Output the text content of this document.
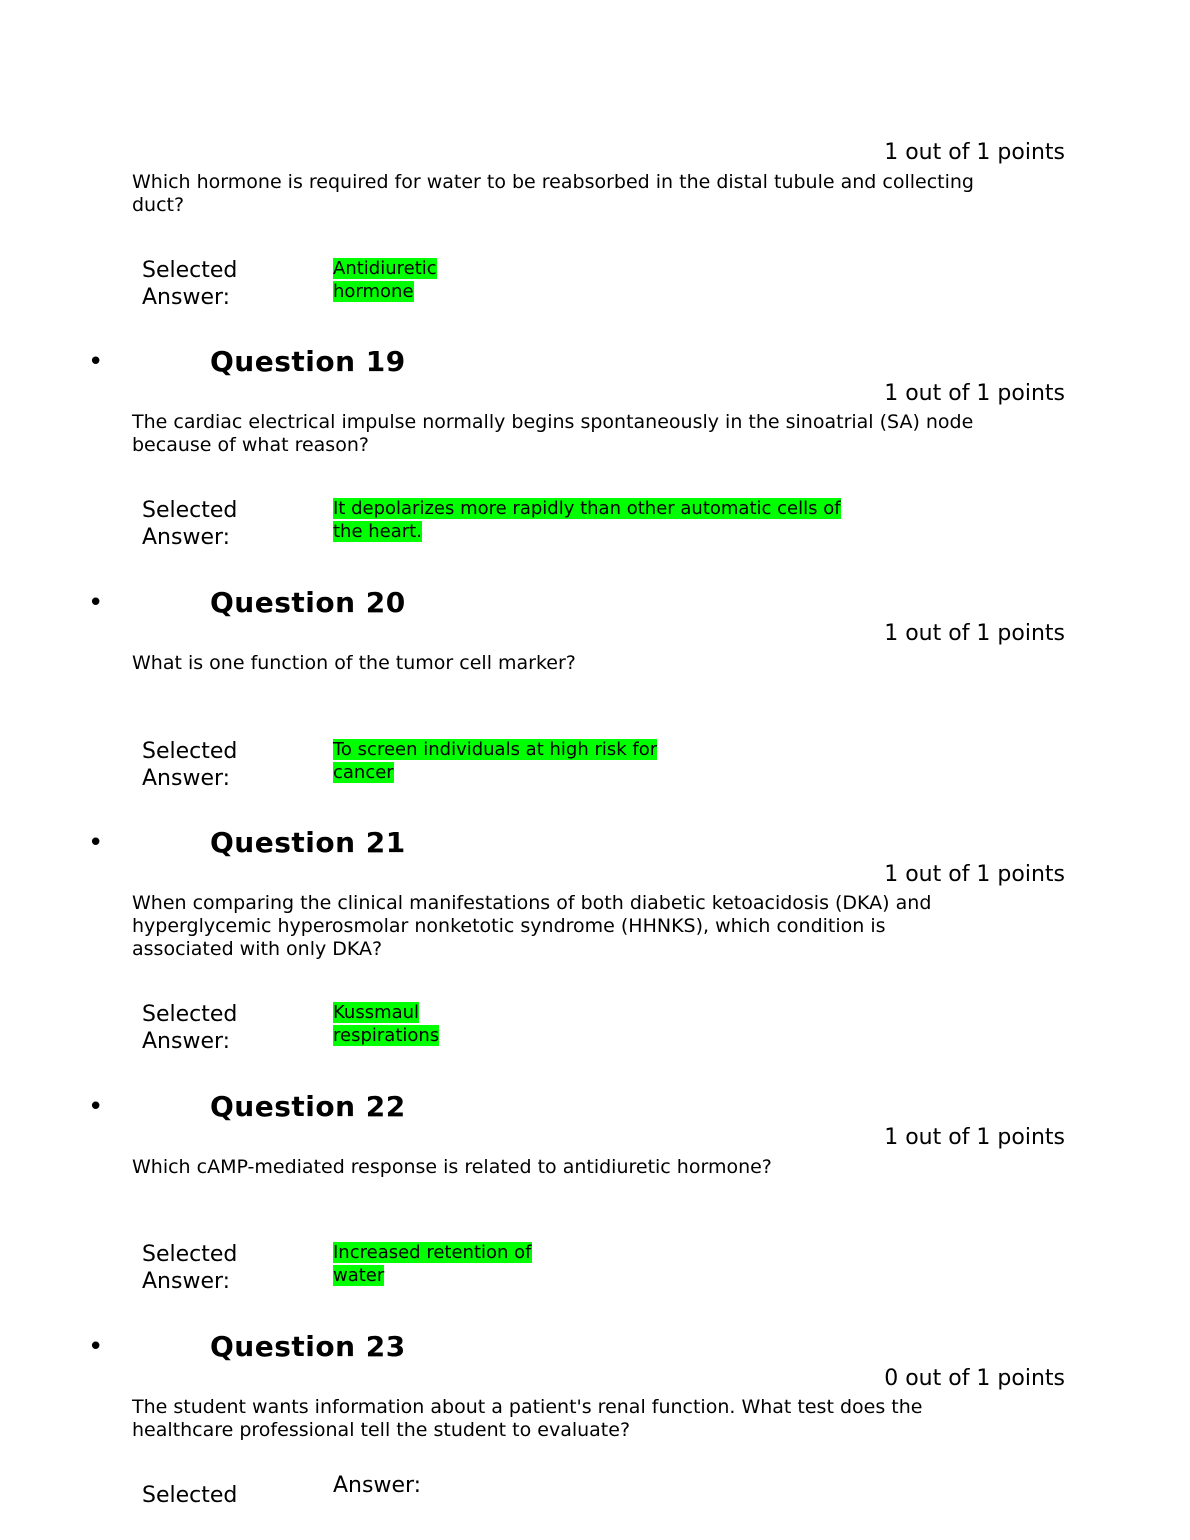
1 out of 1 points
Which hormone is required for water to be reabsorbed in the distal tubule and collecting duct?
Selected Answer:
Antidiuretic
hormone
•	Question 19
1 out of 1 points
The cardiac electrical impulse normally begins spontaneously in the sinoatrial (SA) node because of what reason?
Selected Answer:
It depolarizes more rapidly than other automatic cells of
the heart.
•	Question 20
1 out of 1 points
What is one function of the tumor cell marker?
Selected Answer:
To screen individuals at high risk for
cancer
•	Question 21
1 out of 1 points
When comparing the clinical manifestations of both diabetic ketoacidosis (DKA) and hyperglycemic hyperosmolar nonketotic syndrome (HHNKS), which condition is associated with only DKA?
Selected Answer:
Kussmaul
respirations
•	Question 22
1 out of 1 points
Which cAMP-mediated response is related to antidiuretic hormone?
Selected Answer:
Increased retention of
water
•	Question 23
0 out of 1 points
The student wants information about a patient's renal function. What test does the healthcare professional tell the student to evaluate?
Selected	Answer:
